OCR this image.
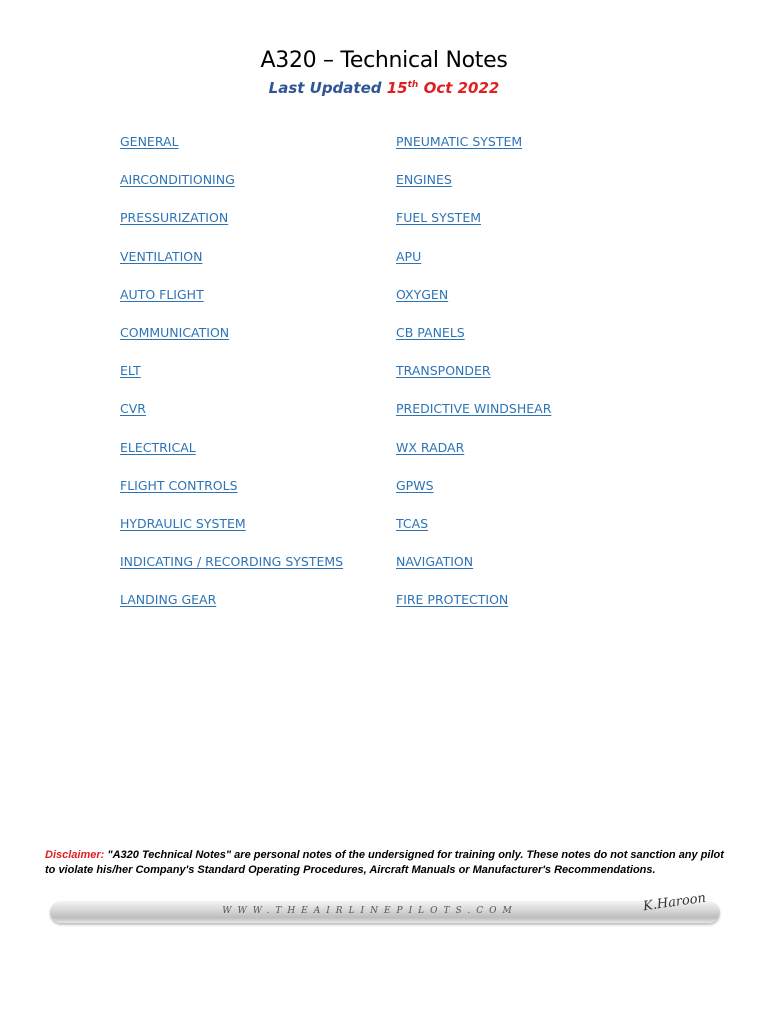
A320 – Technical Notes
Last Updated 15th Oct 2022
GENERAL
AIRCONDITIONING
PRESSURIZATION
VENTILATION
AUTO FLIGHT
COMMUNICATION
ELT
CVR
ELECTRICAL
FLIGHT CONTROLS
HYDRAULIC SYSTEM
INDICATING / RECORDING SYSTEMS
LANDING GEAR
PNEUMATIC SYSTEM
ENGINES
FUEL SYSTEM
APU
OXYGEN
CB PANELS
TRANSPONDER
PREDICTIVE WINDSHEAR
WX RADAR
GPWS
TCAS
NAVIGATION
FIRE PROTECTION
Disclaimer: "A320 Technical Notes" are personal notes of the undersigned for training only. These notes do not sanction any pilot to violate his/her Company's Standard Operating Procedures, Aircraft Manuals or Manufacturer's Recommendations.
WWW.THEAIRLINEPILOTS.COM	K.Haroon
